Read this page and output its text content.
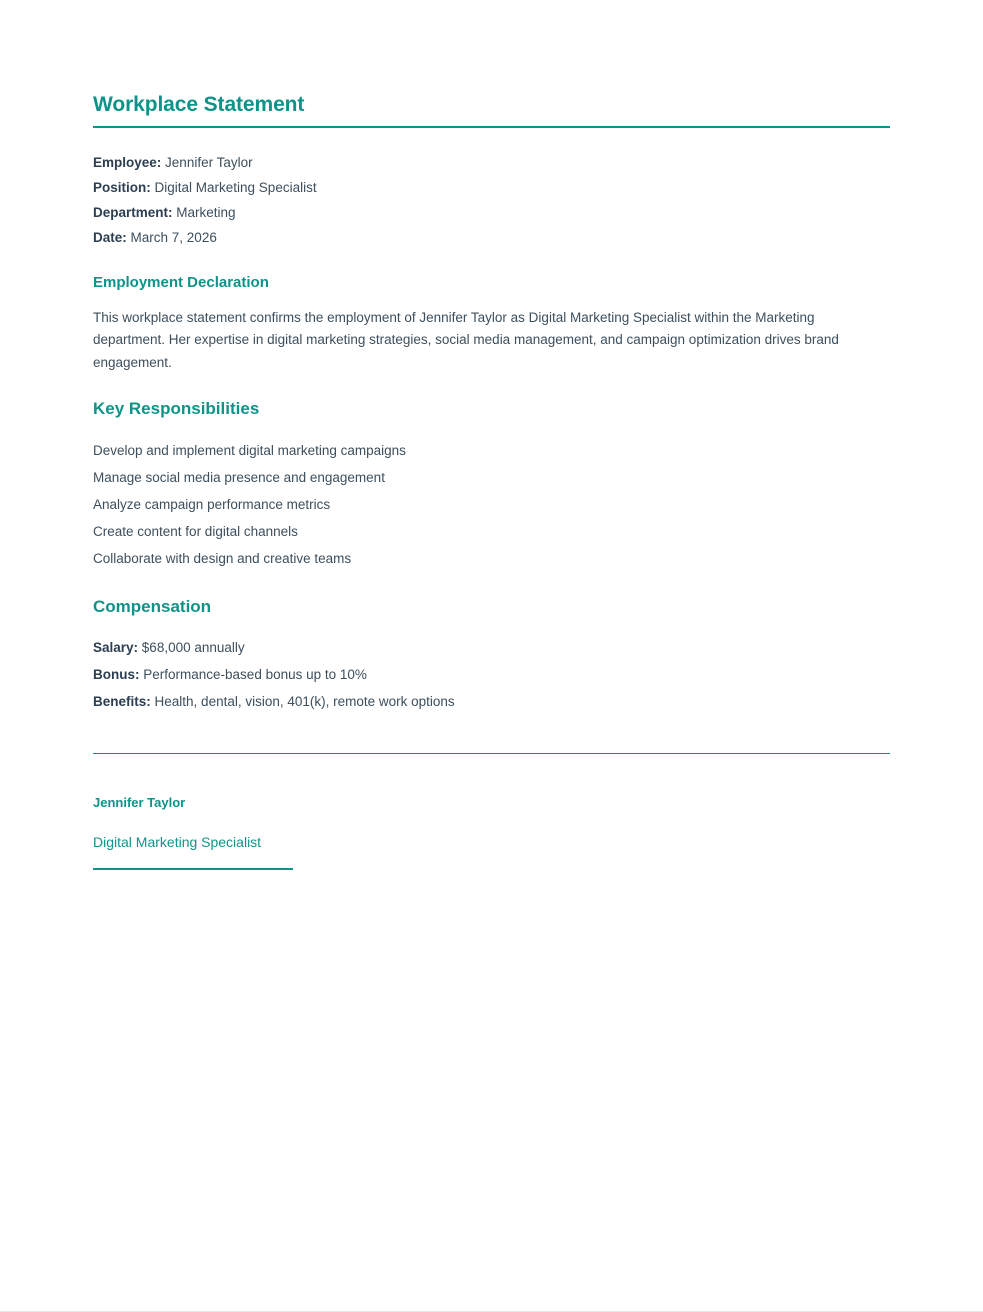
Workplace Statement
Employee: Jennifer Taylor
Position: Digital Marketing Specialist
Department: Marketing
Date: March 7, 2026
Employment Declaration

This workplace statement confirms the employment of Jennifer Taylor as Digital Marketing Specialist within the Marketing department. Her expertise in digital marketing strategies, social media management, and campaign optimization drives brand engagement.

Key Responsibilities
Develop and implement digital marketing campaigns
Manage social media presence and engagement
Analyze campaign performance metrics
Create content for digital channels
Collaborate with design and creative teams
Compensation
Salary: $68,000 annually
Bonus: Performance-based bonus up to 10%
Benefits: Health, dental, vision, 401(k), remote work options
Jennifer Taylor
Digital Marketing Specialist
